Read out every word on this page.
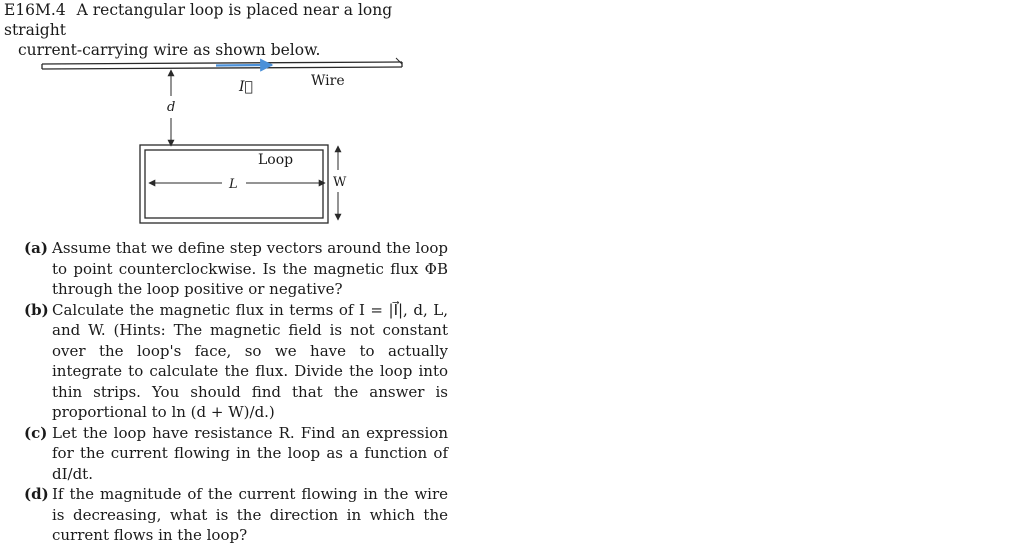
E16M.4 A rectangular loop is placed near a long straight
current-carrying wire as shown below.
Wire
I⃗
d
Loop
L	W
(a) Assume that we define step vectors around the loop to point counterclockwise. Is the magnetic flux ΦB through the loop positive or negative?
(b) Calculate the magnetic flux in terms of I = |I⃗|, d, L, and W. (Hints: The magnetic field is not constant over the loop's face, so we have to actually integrate to calculate the flux. Divide the loop into thin strips. You should find that the answer is proportional to ln (d + W)/d.)
(c) Let the loop have resistance R. Find an expression for the current flowing in the loop as a function of dI/dt.
(d) If the magnitude of the current flowing in the wire is decreasing, what is the direction in which the current flows in the loop?
